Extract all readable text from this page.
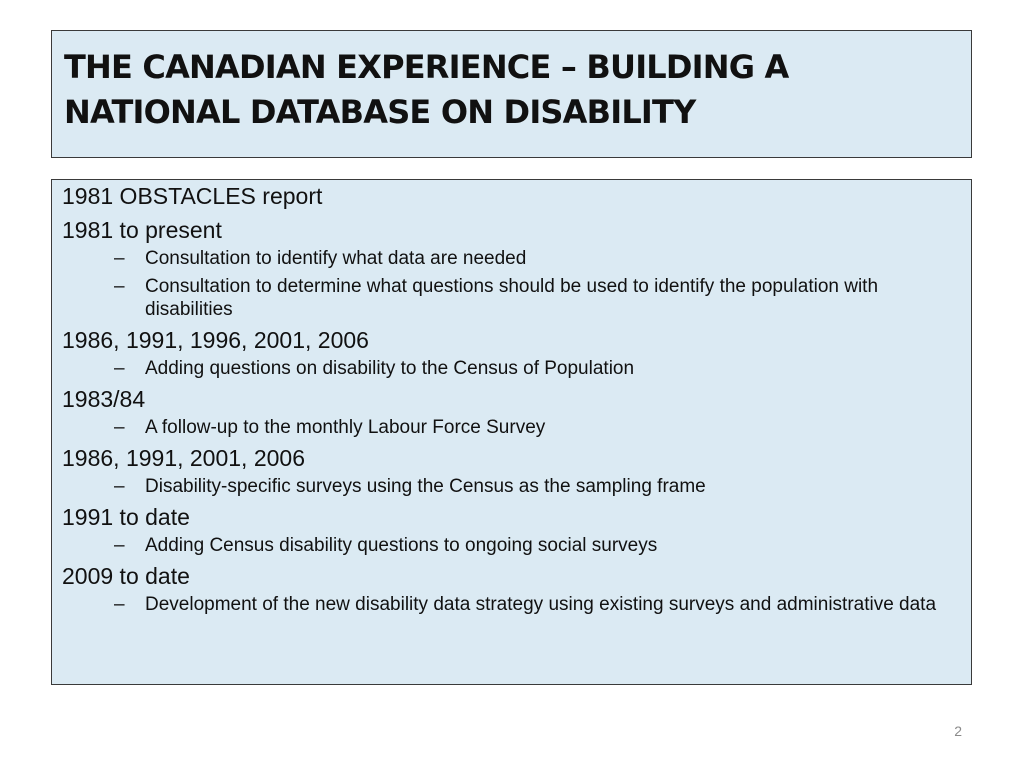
THE CANADIAN EXPERIENCE – BUILDING A
NATIONAL DATABASE ON DISABILITY
1981 OBSTACLES report
1981 to present
– Consultation to identify what data are needed
– Consultation to determine what questions should be used to identify the population with disabilities
1986, 1991, 1996, 2001, 2006
– Adding questions on disability to the Census of Population
1983/84
– A follow-up to the monthly Labour Force Survey
1986, 1991, 2001, 2006
– Disability-specific surveys using the Census as the sampling frame
1991 to date
– Adding Census disability questions to ongoing social surveys
2009 to date
– Development of the new disability data strategy using existing surveys and administrative data
2
